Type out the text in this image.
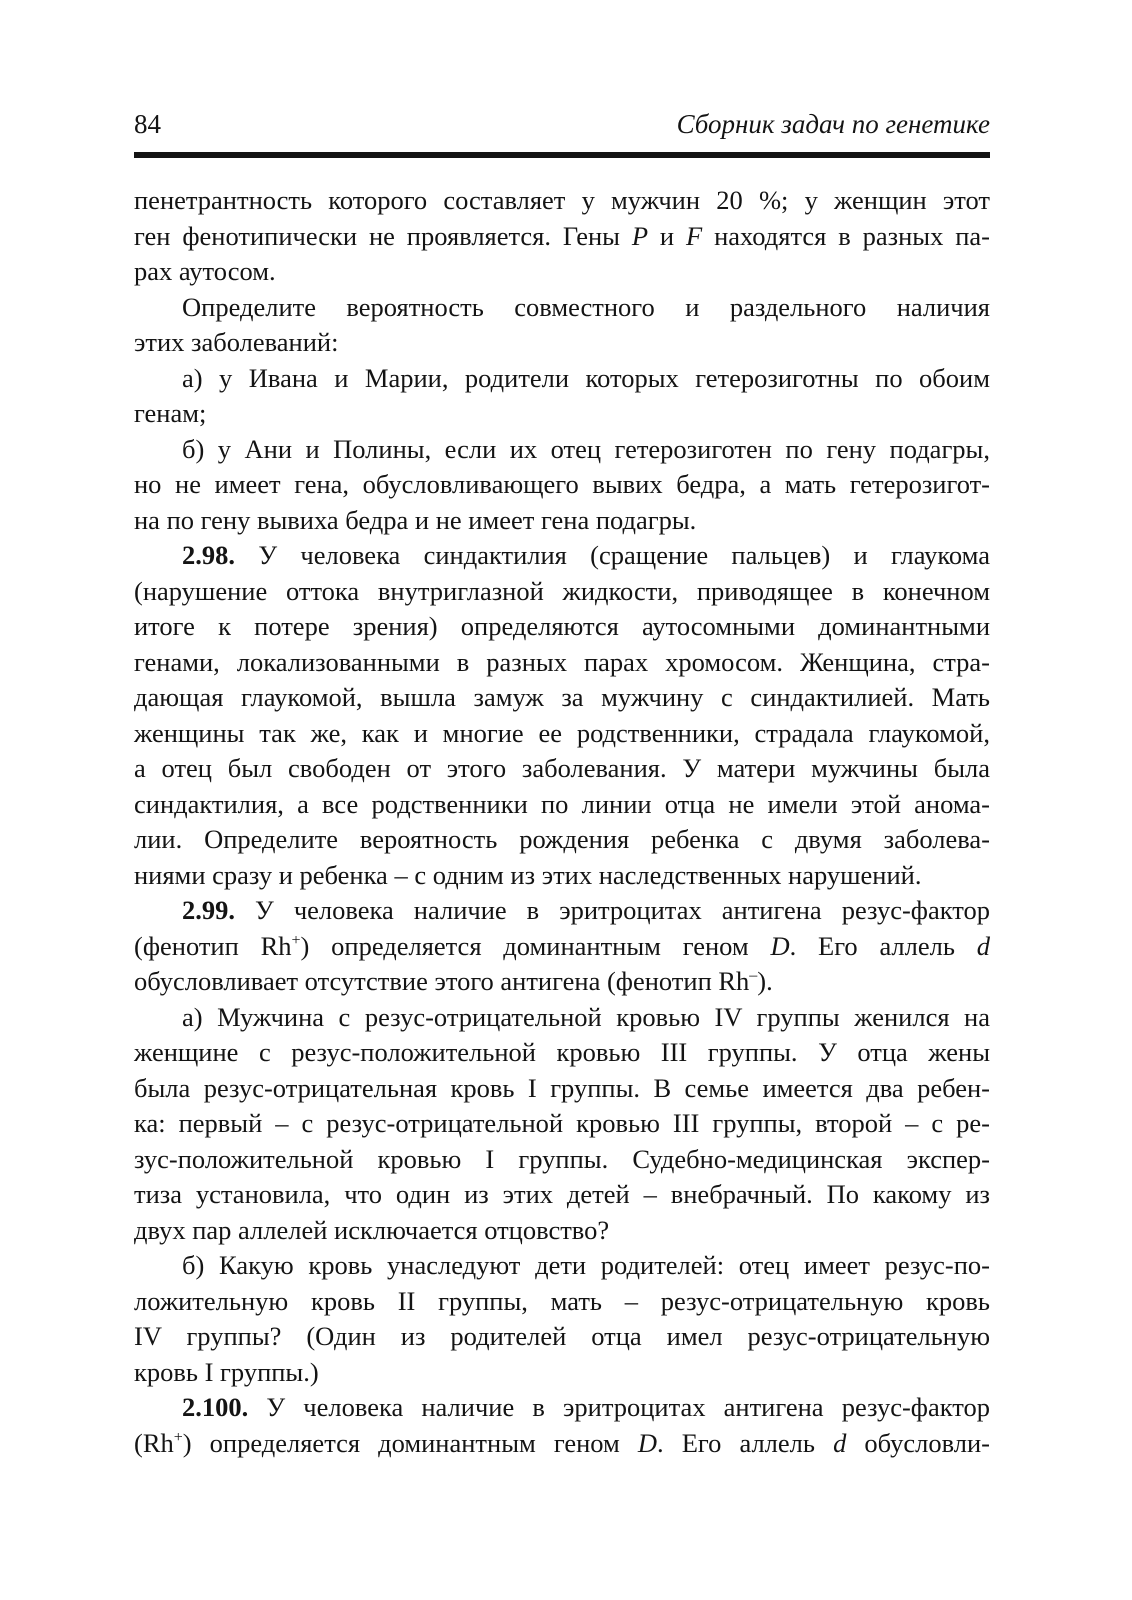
84	Сборник задач по генетике
пенетрантность которого составляет у мужчин 20 %; у женщин этот
ген фенотипически не проявляется. Гены P и F находятся в разных па-
рах аутосом.
Определите вероятность совместного и раздельного наличия
этих заболеваний:
а) у Ивана и Марии, родители которых гетерозиготны по обоим
генам;
б) у Ани и Полины, если их отец гетерозиготен по гену подагры,
но не имеет гена, обусловливающего вывих бедра, а мать гетерозигот-
на по гену вывиха бедра и не имеет гена подагры.
2.98. У человека синдактилия (сращение пальцев) и глаукома
(нарушение оттока внутриглазной жидкости, приводящее в конечном
итоге к потере зрения) определяются аутосомными доминантными
генами, локализованными в разных парах хромосом. Женщина, стра-
дающая глаукомой, вышла замуж за мужчину с синдактилией. Мать
женщины так же, как и многие ее родственники, страдала глаукомой,
а отец был свободен от этого заболевания. У матери мужчины была
синдактилия, а все родственники по линии отца не имели этой анома-
лии. Определите вероятность рождения ребенка с двумя заболева-
ниями сразу и ребенка – с одним из этих наследственных нарушений.
2.99. У человека наличие в эритроцитах антигена резус-фактор
(фенотип Rh+) определяется доминантным геном D. Его аллель d
обусловливает отсутствие этого антигена (фенотип Rh–).
а) Мужчина с резус-отрицательной кровью IV группы женился на
женщине с резус-положительной кровью III группы. У отца жены
была резус-отрицательная кровь I группы. В семье имеется два ребен-
ка: первый – с резус-отрицательной кровью III группы, второй – с ре-
зус-положительной кровью I группы. Судебно-медицинская экспер-
тиза установила, что один из этих детей – внебрачный. По какому из
двух пар аллелей исключается отцовство?
б) Какую кровь унаследуют дети родителей: отец имеет резус-по-
ложительную кровь II группы, мать – резус-отрицательную кровь
IV группы? (Один из родителей отца имел резус-отрицательную
кровь I группы.)
2.100. У человека наличие в эритроцитах антигена резус-фактор
(Rh+) определяется доминантным геном D. Его аллель d обусловли-
